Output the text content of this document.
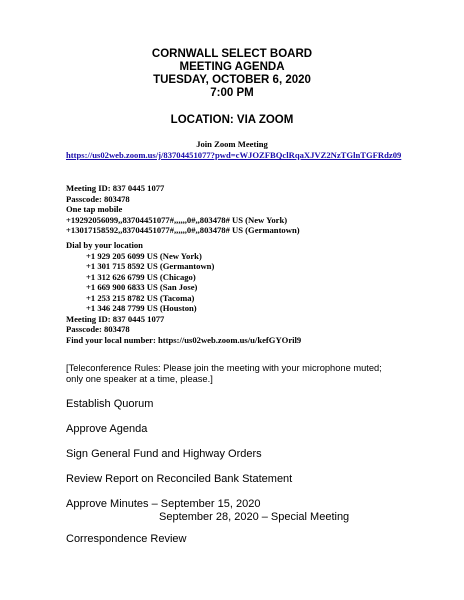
CORNWALL SELECT BOARD
MEETING AGENDA
TUESDAY, OCTOBER 6, 2020
7:00 PM
LOCATION: VIA ZOOM
Join Zoom Meeting
https://us02web.zoom.us/j/83704451077?pwd=cWJOZFBQclRqaXJVZ2NzTGlnTGFRdz09
Meeting ID: 837 0445 1077
Passcode: 803478
One tap mobile
+19292056099,,83704451077#,,,,,,0#,,803478# US (New York)
+13017158592,,83704451077#,,,,,,0#,,803478# US (Germantown)
Dial by your location
+1 929 205 6099 US (New York)
+1 301 715 8592 US (Germantown)
+1 312 626 6799 US (Chicago)
+1 669 900 6833 US (San Jose)
+1 253 215 8782 US (Tacoma)
+1 346 248 7799 US (Houston)
Meeting ID: 837 0445 1077
Passcode: 803478
Find your local number: https://us02web.zoom.us/u/kefGYOril9
[Teleconference Rules: Please join the meeting with your microphone muted;
only one speaker at a time, please.]
Establish Quorum
Approve Agenda
Sign General Fund and Highway Orders
Review Report on Reconciled Bank Statement
Approve Minutes – September 15, 2020
September 28, 2020 – Special Meeting
Correspondence Review
